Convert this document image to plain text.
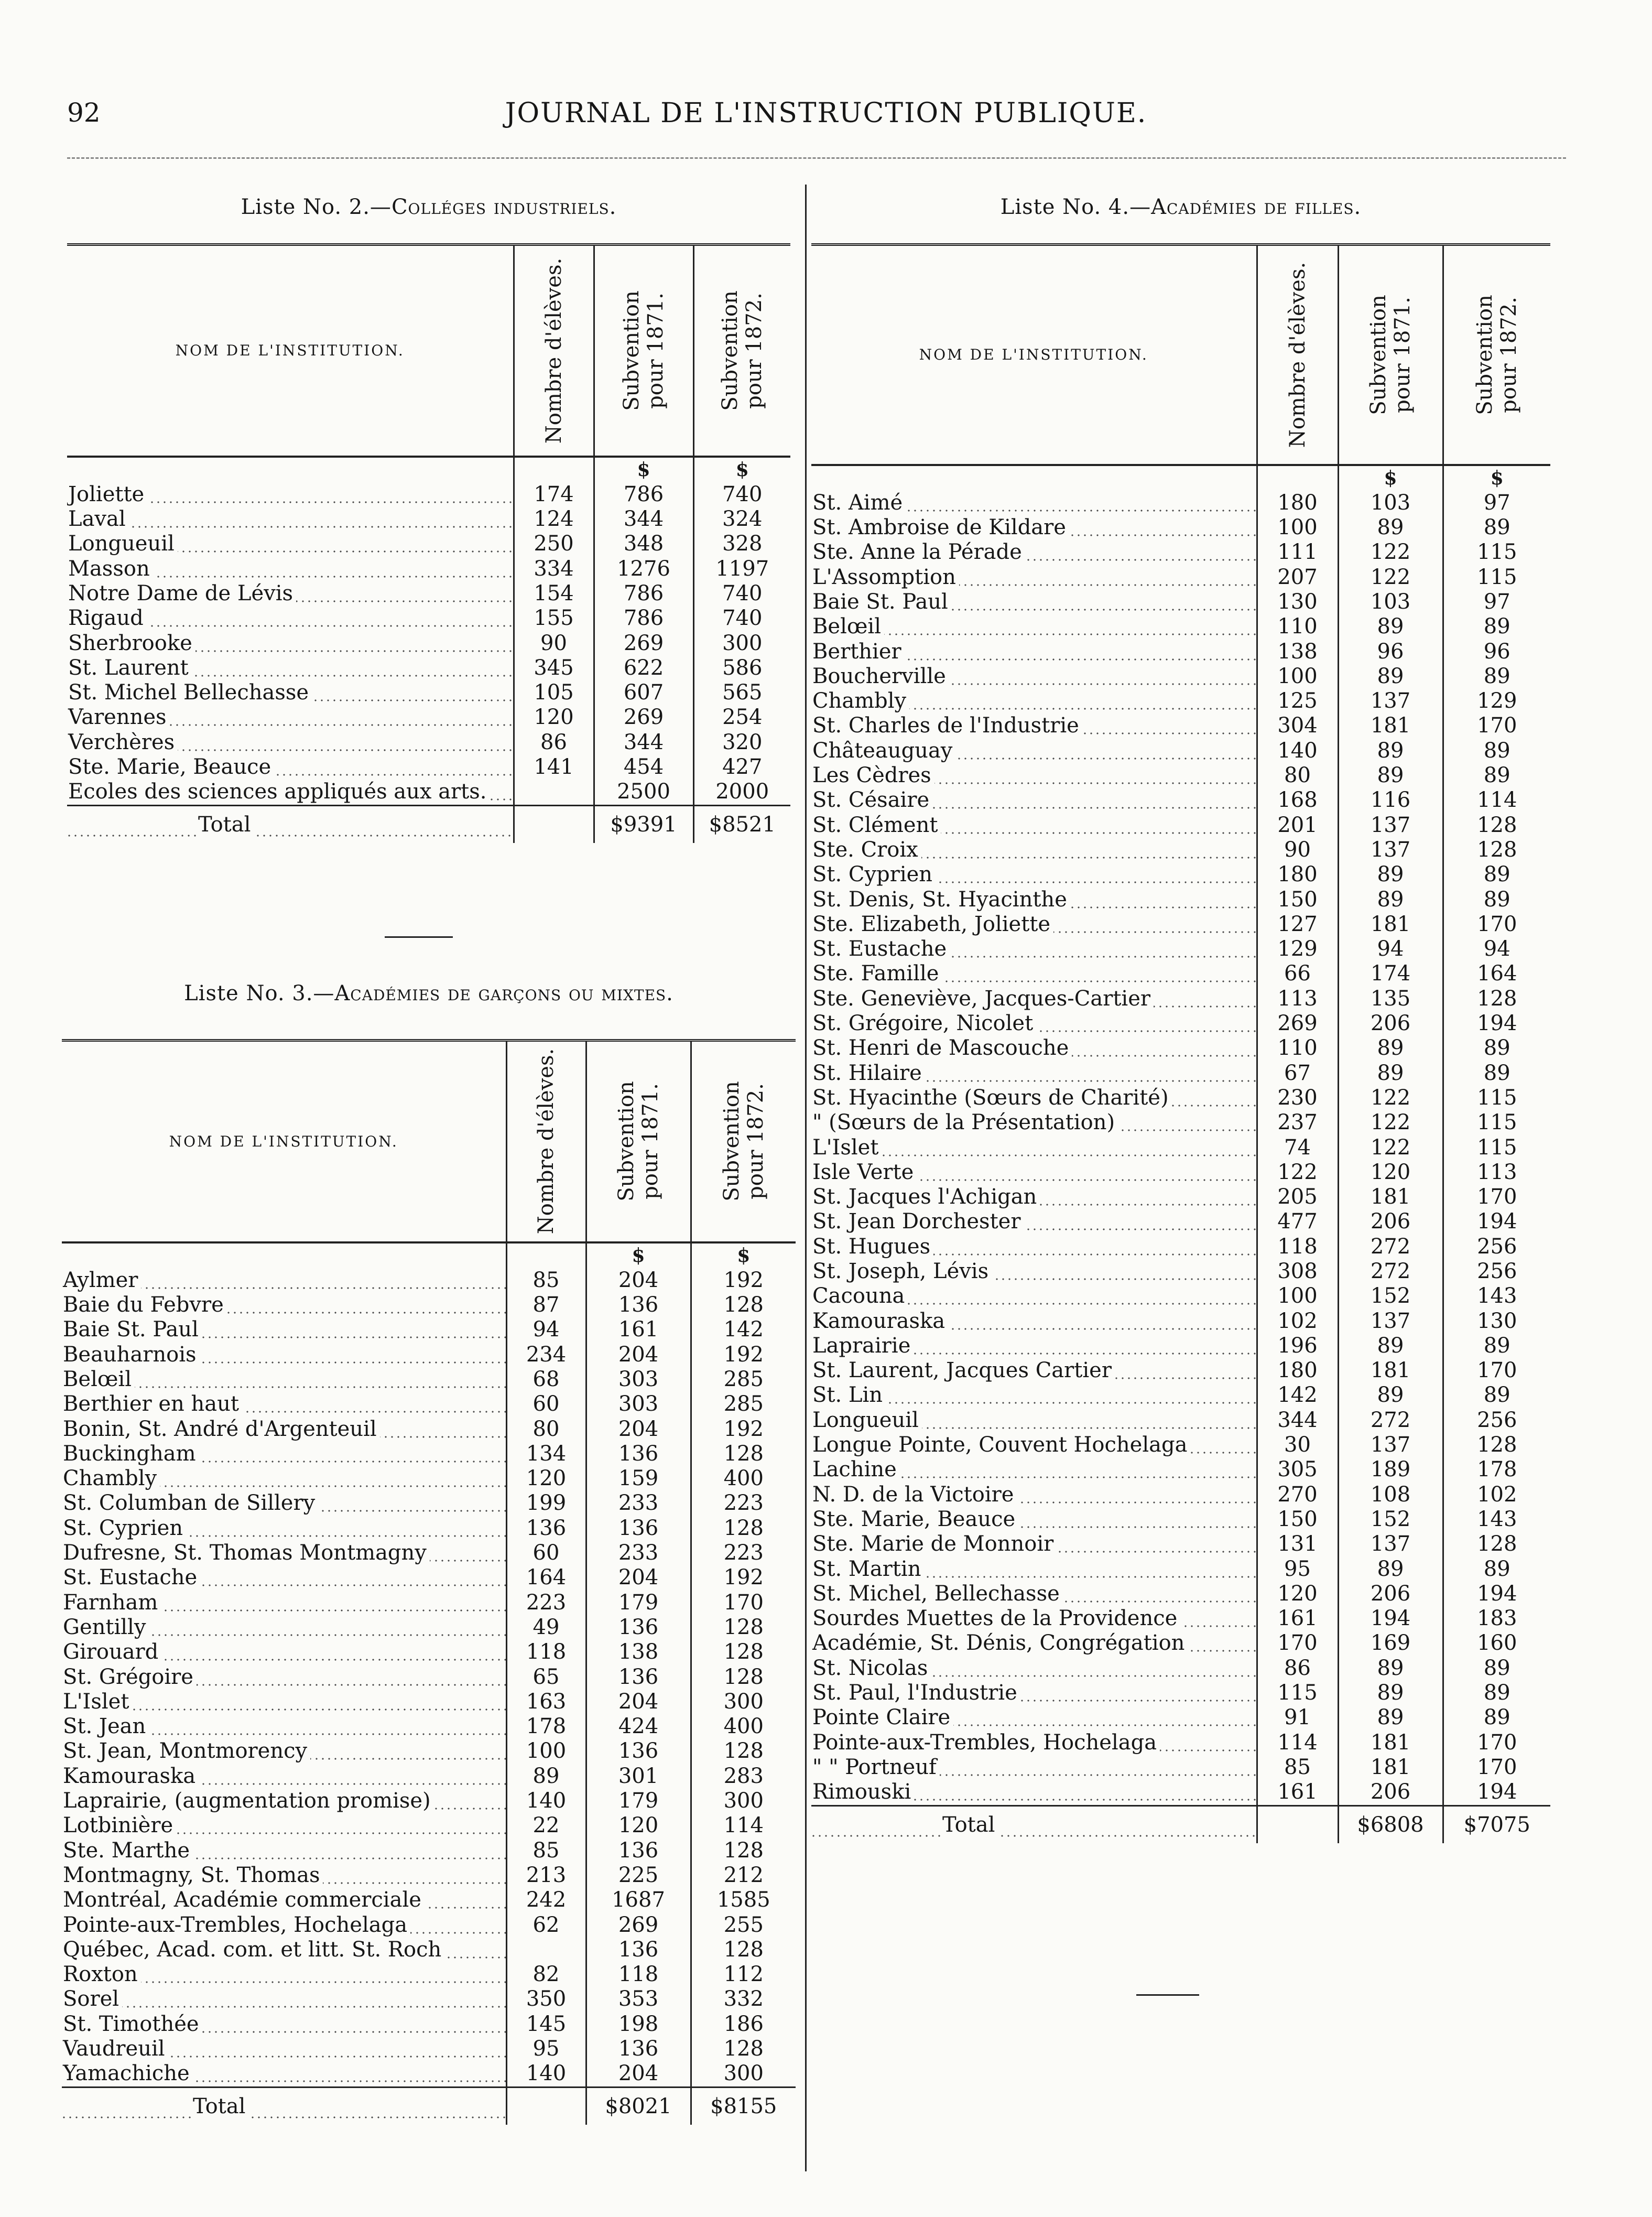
92	JOURNAL DE L'INSTRUCTION PUBLIQUE.
Liste No. 2.—Colléges industriels.
NOM DE L'INSTITUTION.	Nombre d'élèves.	Subvention pour 1871.	Subvention pour 1872.

		$	$
Joliette	174	786	740
Laval	124	344	324
Longueuil	250	348	328
Masson	334	1276	1197
Notre Dame de Lévis	154	786	740
Rigaud	155	786	740
Sherbrooke	90	269	300
St. Laurent	345	622	586
St. Michel Bellechasse	105	607	565
Varennes	120	269	254
Verchères	86	344	320
Ste. Marie, Beauce	141	454	427
Ecoles des sciences appliqués aux arts.		2500	2000
Total		$9391	$8521
Liste No. 3.—Académies de garçons ou mixtes.
NOM DE L'INSTITUTION.	Nombre d'élèves.	Subvention pour 1871.	Subvention pour 1872.

		$	$
Aylmer	85	204	192
Baie du Febvre	87	136	128
Baie St. Paul	94	161	142
Beauharnois	234	204	192
Belœil	68	303	285
Berthier en haut	60	303	285
Bonin, St. André d'Argenteuil	80	204	192
Buckingham	134	136	128
Chambly	120	159	400
St. Columban de Sillery	199	233	223
St. Cyprien	136	136	128
Dufresne, St. Thomas Montmagny	60	233	223
St. Eustache	164	204	192
Farnham	223	179	170
Gentilly	49	136	128
Girouard	118	138	128
St. Grégoire	65	136	128
L'Islet	163	204	300
St. Jean	178	424	400
St. Jean, Montmorency	100	136	128
Kamouraska	89	301	283
Laprairie, (augmentation promise)	140	179	300
Lotbinière	22	120	114
Ste. Marthe	85	136	128
Montmagny, St. Thomas	213	225	212
Montréal, Académie commerciale	242	1687	1585
Pointe-aux-Trembles, Hochelaga	62	269	255
Québec, Acad. com. et litt. St. Roch		136	128
Roxton	82	118	112
Sorel	350	353	332
St. Timothée	145	198	186
Vaudreuil	95	136	128
Yamachiche	140	204	300
Total		$8021	$8155
Liste No. 4.—Académies de filles.
NOM DE L'INSTITUTION.	Nombre d'élèves.	Subvention pour 1871.	Subvention pour 1872.

		$	$
St. Aimé	180	103	97
St. Ambroise de Kildare	100	89	89
Ste. Anne la Pérade	111	122	115
L'Assomption	207	122	115
Baie St. Paul	130	103	97
Belœil	110	89	89
Berthier	138	96	96
Boucherville	100	89	89
Chambly	125	137	129
St. Charles de l'Industrie	304	181	170
Châteauguay	140	89	89
Les Cèdres	80	89	89
St. Césaire	168	116	114
St. Clément	201	137	128
Ste. Croix	90	137	128
St. Cyprien	180	89	89
St. Denis, St. Hyacinthe	150	89	89
Ste. Elizabeth, Joliette	127	181	170
St. Eustache	129	94	94
Ste. Famille	66	174	164
Ste. Geneviève, Jacques-Cartier	113	135	128
St. Grégoire, Nicolet	269	206	194
St. Henri de Mascouche	110	89	89
St. Hilaire	67	89	89
St. Hyacinthe (Sœurs de Charité)	230	122	115
" (Sœurs de la Présentation)	237	122	115
L'Islet	74	122	115
Isle Verte	122	120	113
St. Jacques l'Achigan	205	181	170
St. Jean Dorchester	477	206	194
St. Hugues	118	272	256
St. Joseph, Lévis	308	272	256
Cacouna	100	152	143
Kamouraska	102	137	130
Laprairie	196	89	89
St. Laurent, Jacques Cartier	180	181	170
St. Lin	142	89	89
Longueuil	344	272	256
Longue Pointe, Couvent Hochelaga	30	137	128
Lachine	305	189	178
N. D. de la Victoire	270	108	102
Ste. Marie, Beauce	150	152	143
Ste. Marie de Monnoir	131	137	128
St. Martin	95	89	89
St. Michel, Bellechasse	120	206	194
Sourdes Muettes de la Providence	161	194	183
Académie, St. Dénis, Congrégation	170	169	160
St. Nicolas	86	89	89
St. Paul, l'Industrie	115	89	89
Pointe Claire	91	89	89
Pointe-aux-Trembles, Hochelaga	114	181	170
" " Portneuf	85	181	170
Rimouski	161	206	194
Total		$6808	$7075
